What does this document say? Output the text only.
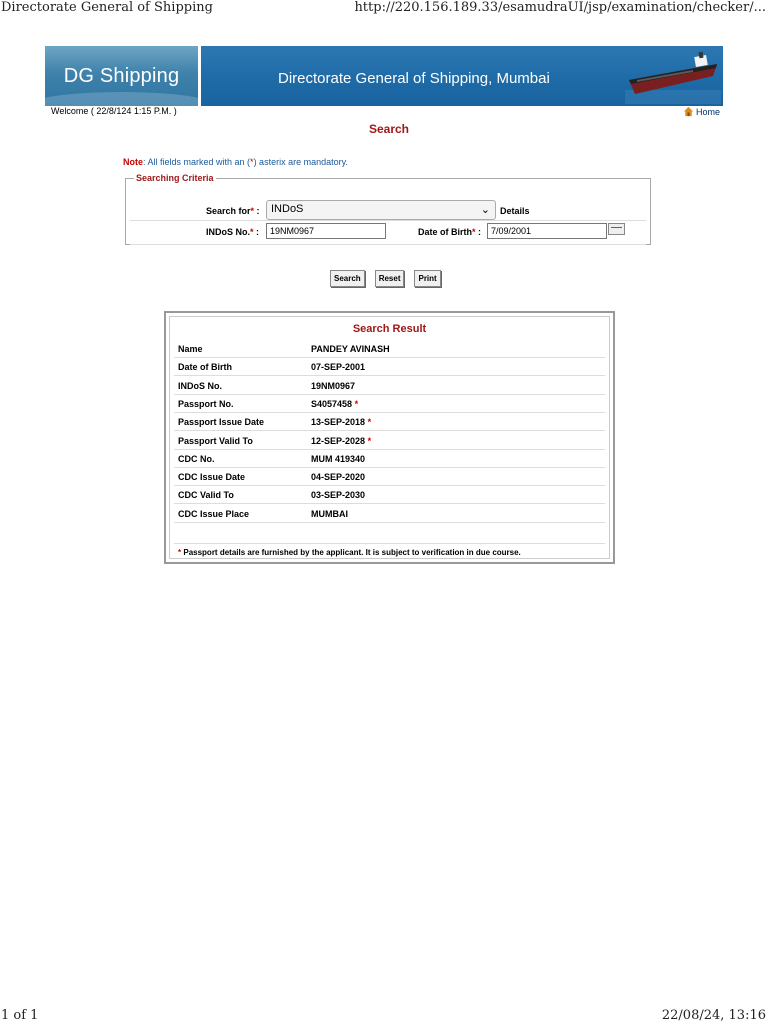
Directorate General of Shipping	http://220.156.189.33/esamudraUI/jsp/examination/checker/...
DG Shipping	Directorate General of Shipping, Mumbai
Welcome ( 22/8/124 1:15 P.M. )	Home
Search
Note: All fields marked with an (*) asterix are mandatory.
Searching Criteria
Search for* :	INDoS	⌄ Details
INDoS No.* :	19NM0967	Date of Birth* :	7/09/2001
Search	Reset	Print
Search Result
Name	PANDEY AVINASH
Date of Birth	07-SEP-2001
INDoS No.	19NM0967
Passport No.	S4057458 *
Passport Issue Date	13-SEP-2018 *
Passport Valid To	12-SEP-2028 *
CDC No.	MUM 419340
CDC Issue Date	04-SEP-2020
CDC Valid To	03-SEP-2030
CDC Issue Place	MUMBAI
* Passport details are furnished by the applicant. It is subject to verification in due course.
1 of 1	22/08/24, 13:16
